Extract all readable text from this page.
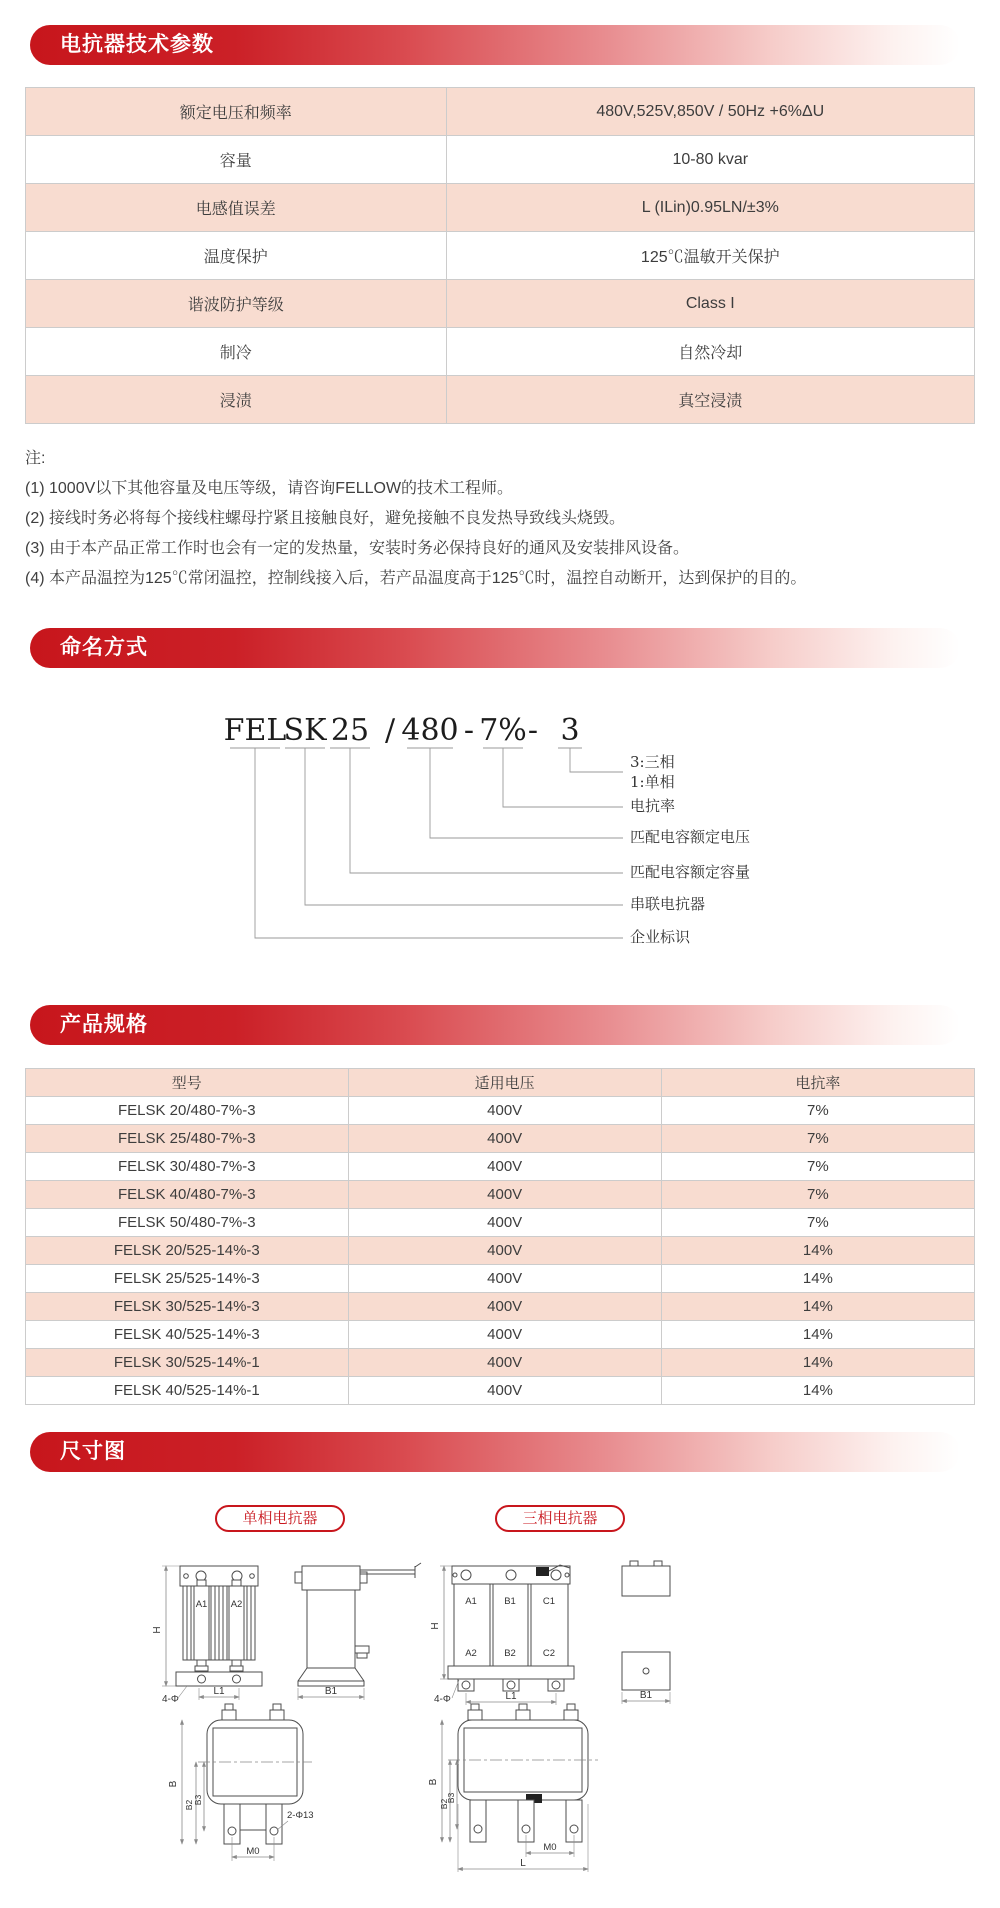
电抗器技术参数
额定电压和频率	480V,525V,850V / 50Hz +6%ΔU
容量	10-80 kvar
电感值误差	L (ILin)0.95LN/±3%
温度保护	125℃温敏开关保护
谐波防护等级	Class I
制冷	自然冷却
浸渍	真空浸渍
注:
(1) 1000V以下其他容量及电压等级，请咨询FELLOW的技术工程师。
(2) 接线时务必将每个接线柱螺母拧紧且接触良好，避免接触不良发热导致线头烧毁。
(3) 由于本产品正常工作时也会有一定的发热量，安装时务必保持良好的通风及安装排风设备。
(4) 本产品温控为125℃常闭温控，控制线接入后，若产品温度高于125℃时，温控自动断开，达到保护的目的。
命名方式
FEL
SK 25 / 480 - 7% - 3
3:三相
1:单相
电抗率
匹配电容额定电压
匹配电容额定容量
串联电抗器
企业标识
产品规格
型号	适用电压	电抗率
FELSK 20/480-7%-3	400V	7%
FELSK 25/480-7%-3	400V	7%
FELSK 30/480-7%-3	400V	7%
FELSK 40/480-7%-3	400V	7%
FELSK 50/480-7%-3	400V	7%
FELSK 20/525-14%-3	400V	14%
FELSK 25/525-14%-3	400V	14%
FELSK 30/525-14%-3	400V	14%
FELSK 40/525-14%-3	400V	14%
FELSK 30/525-14%-1	400V	14%
FELSK 40/525-14%-1	400V	14%
尺寸图
单相电抗器	三相电抗器
H
A1 A2
L1
4-Φ
B1
H
A1	B1	C1
A2	B2	C2
4-Φ	L1	B1
B
B2 B3
M0
2-Φ13
B
B2
B3
M0
L
